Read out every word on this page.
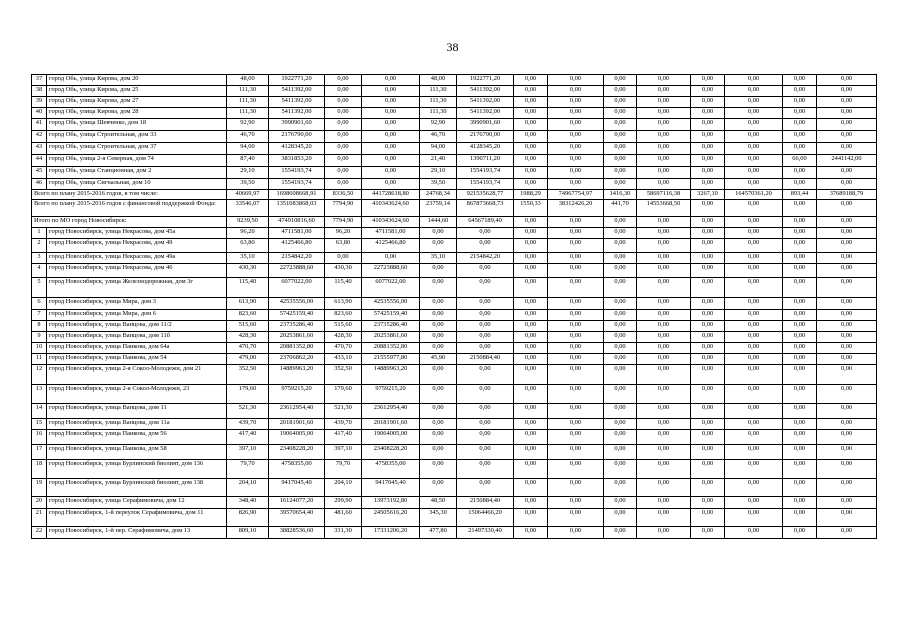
38
37	город Обь, улица Кирова, дом 20	48,00	1922771,20	0,00	0,00	48,00	1922771,20	0,00	0,00	0,00	0,00	0,00	0,00	0,00	0,00
38	город Обь, улица Кирова, дом 25	111,30	5411392,00	0,00	0,00	111,30	5411392,00	0,00	0,00	0,00	0,00	0,00	0,00	0,00	0,00
39	город Обь, улица Кирова, дом 27	111,30	5411392,00	0,00	0,00	111,30	5411392,00	0,00	0,00	0,00	0,00	0,00	0,00	0,00	0,00
40	город Обь, улица Кирова, дом 28	111,30	5411392,00	0,00	0,00	111,30	5411392,00	0,00	0,00	0,00	0,00	0,00	0,00	0,00	0,00
41	город Обь, улица Шевченко, дом 18	92,90	3990901,60	0,00	0,00	92,90	3990901,60	0,00	0,00	0,00	0,00	0,00	0,00	0,00	0,00
42	город Обь, улица Строительная, дом 33	46,70	2176790,00	0,00	0,00	46,70	2176790,00	0,00	0,00	0,00	0,00	0,00	0,00	0,00	0,00
43	город Обь, улица Строительная, дом 37	94,00	4128345,20	0,00	0,00	94,00	4128345,20	0,00	0,00	0,00	0,00	0,00	0,00	0,00	0,00
44	город Обь, улица 2-я Северная, дом 74	87,40	3831853,20	0,00	0,00	21,40	1390711,20	0,00	0,00	0,00	0,00	0,00	0,00	66,00	2441142,00
45	город Обь, улица Станционная, дом 2	29,10	1554193,74	0,00	0,00	29,10	1554193,74	0,00	0,00	0,00	0,00	0,00	0,00	0,00	0,00
46	город Обь, улица Сигнальная, дом 10	39,50	1554193,74	0,00	0,00	39,50	1554193,74	0,00	0,00	0,00	0,00	0,00	0,00	0,00	0,00
Всего по плану 2015-2016 годов, в том числе:		40669,97	1698608668,91	8336,50	441728618,80	24768,34	921535628,77	1988,29	74967754,97	1416,30	58697116,38	3267,10	164570361,20	893,44	37689188,79
Всего по плану 2015-2016 годов с финансовой поддержкой Фонда:		33546,07	1351083868,03	7794,90	410343624,60	23759,14	867873668,73	1550,33	38312426,20	441,70	14553668,50	0,00	0,00	0,00	0,00
Итого по МО город Новосибирск:		9239,50	474910816,60	7794,90	410343624,60	1444,60	64567189,40	0,00	0,00	0,00	0,00	0,00	0,00	0,00	0,00
1	город Новосибирск, улица Некрасова, дом 45а	96,20	4711581,00	96,20	4711581,00	0,00	0,00	0,00	0,00	0,00	0,00	0,00	0,00	0,00	0,00
2	город Новосибирск, улица Некрасова, дом 49	63,80	4125466,80	63,80	4125466,80	0,00	0,00	0,00	0,00	0,00	0,00	0,00	0,00	0,00	0,00
3	город Новосибирск, улица Некрасова, дом 49а	35,10	2154842,20	0,00	0,00	35,10	2154842,20	0,00	0,00	0,00	0,00	0,00	0,00	0,00	0,00
4	город Новосибирск, улица Некрасова, дом 46	430,30	22723888,60	430,30	22723888,60	0,00	0,00	0,00	0,00	0,00	0,00	0,00	0,00	0,00	0,00
5	город Новосибирск, улица Железнодорожная, дом 3г	115,40	6077022,00	115,40	6077022,00	0,00	0,00	0,00	0,00	0,00	0,00	0,00	0,00	0,00	0,00
6	город Новосибирск, улица Мира, дом 3	613,90	42535556,00	613,90	42535556,00	0,00	0,00	0,00	0,00	0,00	0,00	0,00	0,00	0,00	0,00
7	город Новосибирск, улица Мира, дом 6	823,60	57425159,40	823,60	57425159,40	0,00	0,00	0,00	0,00	0,00	0,00	0,00	0,00	0,00	0,00
8	город Новосибирск, улица Ванцова, дом 11/2	515,60	23735286,40	515,60	23735286,40	0,00	0,00	0,00	0,00	0,00	0,00	0,00	0,00	0,00	0,00
9	город Новосибирск, улица Ванцова, дом 11б	428,30	20253861,60	428,30	20253861,60	0,00	0,00	0,00	0,00	0,00	0,00	0,00	0,00	0,00	0,00
10	город Новосибирск, улица Панкова, дом 64а	470,70	20881352,80	470,70	20881352,80	0,00	0,00	0,00	0,00	0,00	0,00	0,00	0,00	0,00	0,00
11	город Новосибирск, улица Панкова, дом 54	479,00	23706862,20	433,10	21555977,80	45,90	2150884,40	0,00	0,00	0,00	0,00	0,00	0,00	0,00	0,00
12	город Новосибирск, улица 2-я Сокол-Молодежи, дом 21	352,50	14889963,20	352,50	14889963,20	0,00	0,00	0,00	0,00	0,00	0,00	0,00	0,00	0,00	0,00
13	город Новосибирск, улица 2-я Сокол-Молодежи, 23	179,60	9759215,20	179,60	9759215,20	0,00	0,00	0,00	0,00	0,00	0,00	0,00	0,00	0,00	0,00
14	город Новосибирск, улица Ванцова, дом 11	521,30	23612954,40	521,30	23612954,40	0,00	0,00	0,00	0,00	0,00	0,00	0,00	0,00	0,00	0,00
15	город Новосибирск, улица Ванцова, дом 11а	439,70	20181901,60	439,70	20181901,60	0,00	0,00	0,00	0,00	0,00	0,00	0,00	0,00	0,00	0,00
16	город Новосибирск, улица Панкова, дом 56	417,40	19064005,00	417,40	19064005,00	0,00	0,00	0,00	0,00	0,00	0,00	0,00	0,00	0,00	0,00
17	город Новосибирск, улица Панкова, дом 58	397,10	23408228,20	397,10	23408228,20	0,00	0,00	0,00	0,00	0,00	0,00	0,00	0,00	0,00	0,00
18	город Новосибирск, улица Бурлинский биолият, дом 136	79,70	4758355,00	79,70	4758355,00	0,00	0,00	0,00	0,00	0,00	0,00	0,00	0,00	0,00	0,00
19	город Новосибирск, улица Бурлинский биолият, дом 138	204,10	9417045,40	204,10	9417045,40	0,00	0,00	0,00	0,00	0,00	0,00	0,00	0,00	0,00	0,00
20	город Новосибирск, улица Серафимовича, дом 12	348,40	16124077,20	299,90	13973192,80	48,50	2150884,40	0,00	0,00	0,00	0,00	0,00	0,00	0,00	0,00
21	город Новосибирск, 1-й переулок Серафимовича, дом 11	826,90	39570654,40	481,60	24505616,20	345,30	15064466,20	0,00	0,00	0,00	0,00	0,00	0,00	0,00	0,00
22	город Новосибирск, 1-й пер. Серафимовича, дом 13	809,10	38828536,60	331,30	17331206,20	477,80	21497330,40	0,00	0,00	0,00	0,00	0,00	0,00	0,00	0,00
